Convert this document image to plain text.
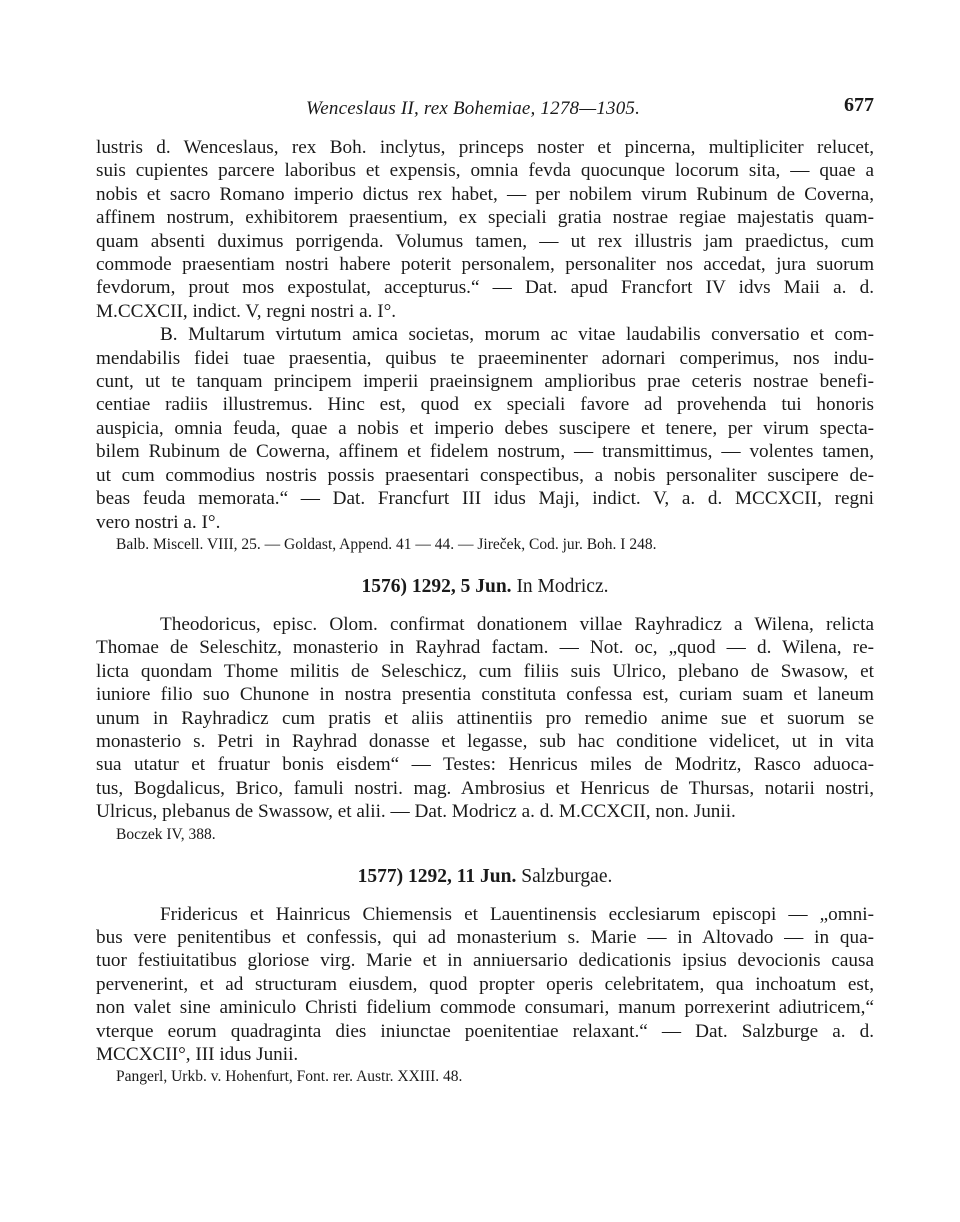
Wenceslaus II, rex Bohemiae, 1278—1305.	677
lustris d. Wenceslaus, rex Boh. inclytus, princeps noster et pincerna, multipliciter relucet,
suis cupientes parcere laboribus et expensis, omnia fevda quocunque locorum sita, — quae a
nobis et sacro Romano imperio dictus rex habet, — per nobilem virum Rubinum de Coverna,
affinem nostrum, exhibitorem praesentium, ex speciali gratia nostrae regiae majestatis quam-
quam absenti duximus porrigenda. Volumus tamen, — ut rex illustris jam praedictus, cum
commode praesentiam nostri habere poterit personalem, personaliter nos accedat, jura suorum
fevdorum, prout mos expostulat, accepturus.“ — Dat. apud Francfort IV idvs Maii a. d.
M.CCXCII, indict. V, regni nostri a. I°.
B. Multarum virtutum amica societas, morum ac vitae laudabilis conversatio et com-
mendabilis fidei tuae praesentia, quibus te praeeminenter adornari comperimus, nos indu-
cunt, ut te tanquam principem imperii praeinsignem amplioribus prae ceteris nostrae benefi-
centiae radiis illustremus. Hinc est, quod ex speciali favore ad provehenda tui honoris
auspicia, omnia feuda, quae a nobis et imperio debes suscipere et tenere, per virum specta-
bilem Rubinum de Cowerna, affinem et fidelem nostrum, — transmittimus, — volentes tamen,
ut cum commodius nostris possis praesentari conspectibus, a nobis personaliter suscipere de-
beas feuda memorata.“ — Dat. Francfurt III idus Maji, indict. V, a. d. MCCXCII, regni
vero nostri a. I°.
Balb. Miscell. VIII, 25. — Goldast, Append. 41 — 44. — Jireček, Cod. jur. Boh. I 248.
1576) 1292, 5 Jun. In Modricz.
Theodoricus, episc. Olom. confirmat donationem villae Rayhradicz a Wilena, relicta
Thomae de Seleschitz, monasterio in Rayhrad factam. — Not. oc, „quod — d. Wilena, re-
licta quondam Thome militis de Seleschicz, cum filiis suis Ulrico, plebano de Swasow, et
iuniore filio suo Chunone in nostra presentia constituta confessa est, curiam suam et laneum
unum in Rayhradicz cum pratis et aliis attinentiis pro remedio anime sue et suorum se
monasterio s. Petri in Rayhrad donasse et legasse, sub hac conditione videlicet, ut in vita
sua utatur et fruatur bonis eisdem“ — Testes: Henricus miles de Modritz, Rasco aduoca-
tus, Bogdalicus, Brico, famuli nostri. mag. Ambrosius et Henricus de Thursas, notarii nostri,
Ulricus, plebanus de Swassow, et alii. — Dat. Modricz a. d. M.CCXCII, non. Junii.
Boczek IV, 388.
1577) 1292, 11 Jun. Salzburgae.
Fridericus et Hainricus Chiemensis et Lauentinensis ecclesiarum episcopi — „omni-
bus vere penitentibus et confessis, qui ad monasterium s. Marie — in Altovado — in qua-
tuor festiuitatibus gloriose virg. Marie et in anniuersario dedicationis ipsius devocionis causa
pervenerint, et ad structuram eiusdem, quod propter operis celebritatem, qua inchoatum est,
non valet sine aminiculo Christi fidelium commode consumari, manum porrexerint adiutricem,“
vterque eorum quadraginta dies iniunctae poenitentiae relaxant.“ — Dat. Salzburge a. d.
MCCXCII°, III idus Junii.
Pangerl, Urkb. v. Hohenfurt, Font. rer. Austr. XXIII. 48.
